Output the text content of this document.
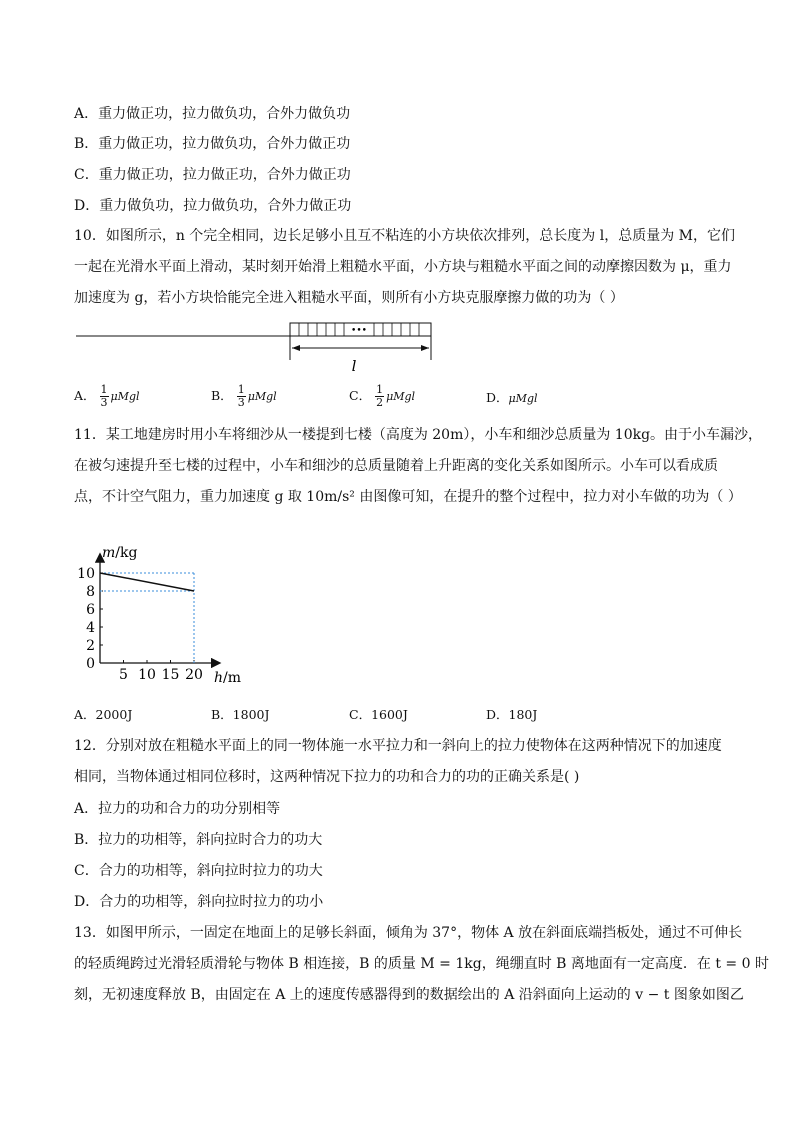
A．重力做正功，拉力做负功，合外力做负功
B．重力做正功，拉力做负功，合外力做正功
C．重力做正功，拉力做正功，合外力做正功
D．重力做负功，拉力做负功，合外力做正功
10．如图所示，n 个完全相同，边长足够小且互不粘连的小方块依次排列，总长度为 l，总质量为 M，它们
一起在光滑水平面上滑动，某时刻开始滑上粗糙水平面，小方块与粗糙水平面之间的动摩擦因数为 μ，重力
加速度为 g，若小方块恰能完全进入粗糙水平面，则所有小方块克服摩擦力做的功为（ ）
•••
l
A． $\frac{1}{3}$ μMgl	B． $\frac{1}{3}$ μMgl	C． $\frac{1}{2}$ μMgl	D．μMgl
11．某工地建房时用小车将细沙从一楼提到七楼（高度为 20m），小车和细沙总质量为 10kg。由于小车漏沙，
在被匀速提升至七楼的过程中，小车和细沙的总质量随着上升距离的变化关系如图所示。小车可以看成质
点，不计空气阻力，重力加速度 g 取 10m/s² 由图像可知，在提升的整个过程中，拉力对小车做的功为（ ）
m/kg
h/m
0
2
4
6
8
10
5 10 15 20
A．2000J	B．1800J	C．1600J	D．180J
12．分别对放在粗糙水平面上的同一物体施一水平拉力和一斜向上的拉力使物体在这两种情况下的加速度
相同，当物体通过相同位移时，这两种情况下拉力的功和合力的功的正确关系是( )
A．拉力的功和合力的功分别相等
B．拉力的功相等，斜向拉时合力的功大
C．合力的功相等，斜向拉时拉力的功大
D．合力的功相等，斜向拉时拉力的功小
13．如图甲所示，一固定在地面上的足够长斜面，倾角为 37°，物体 A 放在斜面底端挡板处，通过不可伸长
的轻质绳跨过光滑轻质滑轮与物体 B 相连接，B 的质量 M = 1kg，绳绷直时 B 离地面有一定高度．在 t = 0 时
刻，无初速度释放 B，由固定在 A 上的速度传感器得到的数据绘出的 A 沿斜面向上运动的 v − t 图象如图乙
